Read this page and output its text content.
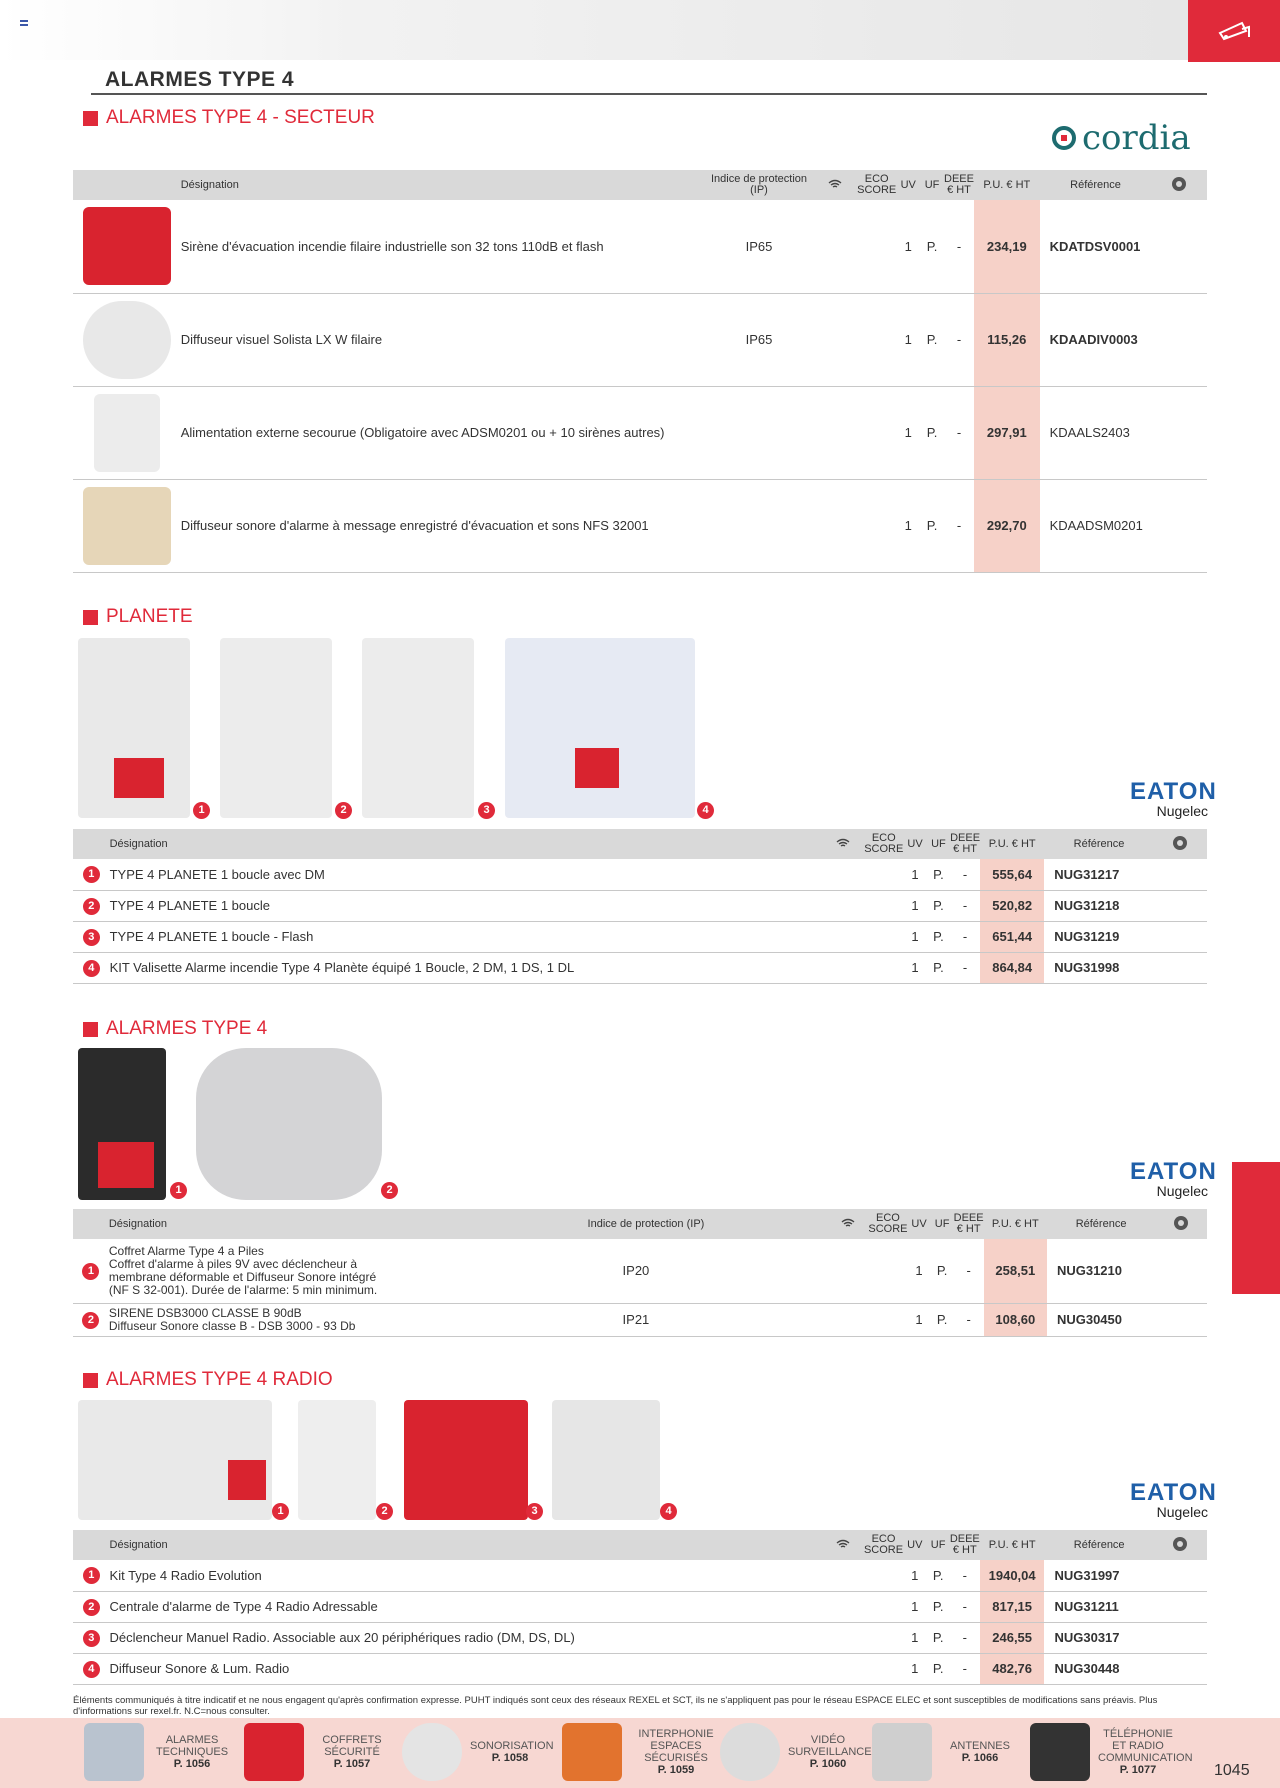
ALARMES TYPE 4
ALARMES TYPE 4 - SECTEUR
cordia
	Désignation	Indice de protection (IP)		ECO
SCORE	UV	UF	DEEE
€ HT	P.U. € HT	Référence	

	Sirène d'évacuation incendie filaire industrielle son 32 tons 110dB et flash	IP65			1	P.	-	234,19	KDATDSV0001	

	Diffuseur visuel Solista LX W filaire	IP65			1	P.	-	115,26	KDAADIV0003	

	Alimentation externe secourue (Obligatoire avec ADSM0201 ou + 10 sirènes autres)				1	P.	-	297,91	KDAALS2403	

	Diffuseur sonore d'alarme à message enregistré d'évacuation et sons NFS 32001				1	P.	-	292,70	KDAADSM0201	
PLANETE
1	2	3	4
EATON
Nugelec
	Désignation		ECO
SCORE	UV	UF	DEEE
€ HT	P.U. € HT	Référence	
1	TYPE 4 PLANETE 1 boucle avec DM			1	P.	-	555,64	NUG31217	
2	TYPE 4 PLANETE 1 boucle			1	P.	-	520,82	NUG31218	
3	TYPE 4 PLANETE 1 boucle - Flash			1	P.	-	651,44	NUG31219	
4	KIT Valisette Alarme incendie Type 4 Planète équipé 1 Boucle, 2 DM, 1 DS, 1 DL			1	P.	-	864,84	NUG31998	
ALARMES TYPE 4
1	2
EATON
Nugelec
	Désignation	Indice de protection (IP)		ECO
SCORE	UV	UF	DEEE
€ HT	P.U. € HT	Référence	
1	Coffret Alarme Type 4 a Piles
Coffret d'alarme à piles 9V avec déclencheur à membrane déformable et Diffuseur Sonore intégré (NF S 32-001). Durée de l'alarme: 5 min minimum.	IP20			1	P.	-	258,51	NUG31210	
2	SIRENE DSB3000 CLASSE B 90dB
Diffuseur Sonore classe B - DSB 3000 - 93 Db	IP21			1	P.	-	108,60	NUG30450	
ALARMES TYPE 4 RADIO
1	2	3	4
EATON
Nugelec
	Désignation		ECO
SCORE	UV	UF	DEEE
€ HT	P.U. € HT	Référence	
1	Kit Type 4 Radio Evolution			1	P.	-	1940,04	NUG31997	
2	Centrale d'alarme de Type 4 Radio Adressable			1	P.	-	817,15	NUG31211	
3	Déclencheur Manuel Radio. Associable aux 20 périphériques radio (DM, DS, DL)			1	P.	-	246,55	NUG30317	
4	Diffuseur Sonore & Lum. Radio			1	P.	-	482,76	NUG30448	
Éléments communiqués à titre indicatif et ne nous engagent qu'après confirmation expresse. PUHT indiqués sont ceux des réseaux REXEL et SCT, ils ne s'appliquent pas pour le réseau ESPACE ELEC et sont susceptibles de modifications sans préavis. Plus d'informations sur rexel.fr. N.C=nous consulter.
ALARMES
TECHNIQUES
P. 1056
COFFRETS
SÉCURITÉ
P. 1057
SONORISATION
P. 1058
INTERPHONIE
ESPACES SÉCURISÉS
P. 1059
VIDÉO
SURVEILLANCE
P. 1060
ANTENNES
P. 1066
TÉLÉPHONIE
ET RADIO COMMUNICATION
P. 1077	1045
